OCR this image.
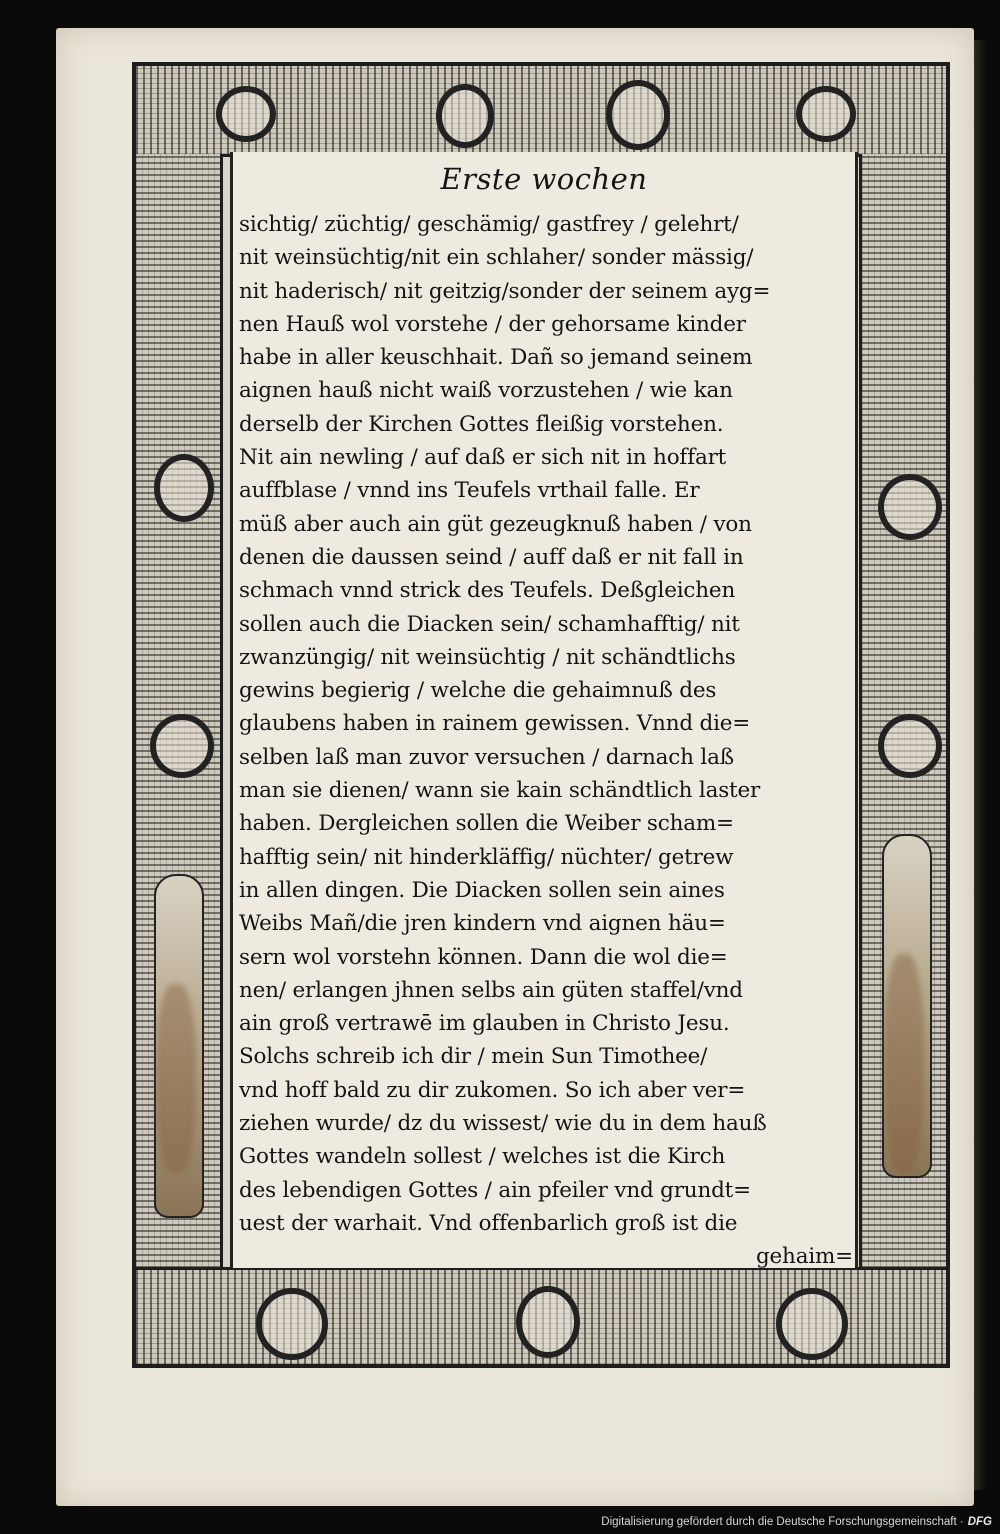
Erste wochen
sichtig/ züchtig/ geschämig/ gastfrey / gelehrt/
nit weinsüchtig/nit ein schlaher/ sonder mässig/
nit haderisch/ nit geitzig/sonder der seinem ayg=
nen Hauß wol vorstehe / der gehorsame kinder
habe in aller keuschhait. Dañ so jemand seinem
aignen hauß nicht waiß vorzustehen / wie kan
derselb der Kirchen Gottes fleißig vorstehen.
Nit ain newling / auf daß er sich nit in hoffart
auffblase / vnnd ins Teufels vrthail falle. Er
müß aber auch ain güt gezeugknuß haben / von
denen die daussen seind / auff daß er nit fall in
schmach vnnd strick des Teufels. Deßgleichen
sollen auch die Diacken sein/ schamhafftig/ nit
zwanzüngig/ nit weinsüchtig / nit schändtlichs
gewins begierig / welche die gehaimnuß des
glaubens haben in rainem gewissen. Vnnd die=
selben laß man zuvor versuchen / darnach laß
man sie dienen/ wann sie kain schändtlich laster
haben. Dergleichen sollen die Weiber scham=
hafftig sein/ nit hinderkläffig/ nüchter/ getrew
in allen dingen. Die Diacken sollen sein aines
Weibs Mañ/die jren kindern vnd aignen häu=
sern wol vorstehn können. Dann die wol die=
nen/ erlangen jhnen selbs ain güten staffel/vnd
ain groß vertrawē im glauben in Christo Jesu.
Solchs schreib ich dir / mein Sun Timothee/
vnd hoff bald zu dir zukomen. So ich aber ver=
ziehen wurde/ dz du wissest/ wie du in dem hauß
Gottes wandeln sollest / welches ist die Kirch
des lebendigen Gottes / ain pfeiler vnd grundt=
uest der warhait. Vnd offenbarlich groß ist die
gehaim=
Digitalisierung gefördert durch die Deutsche Forschungsgemeinschaft · DFG
